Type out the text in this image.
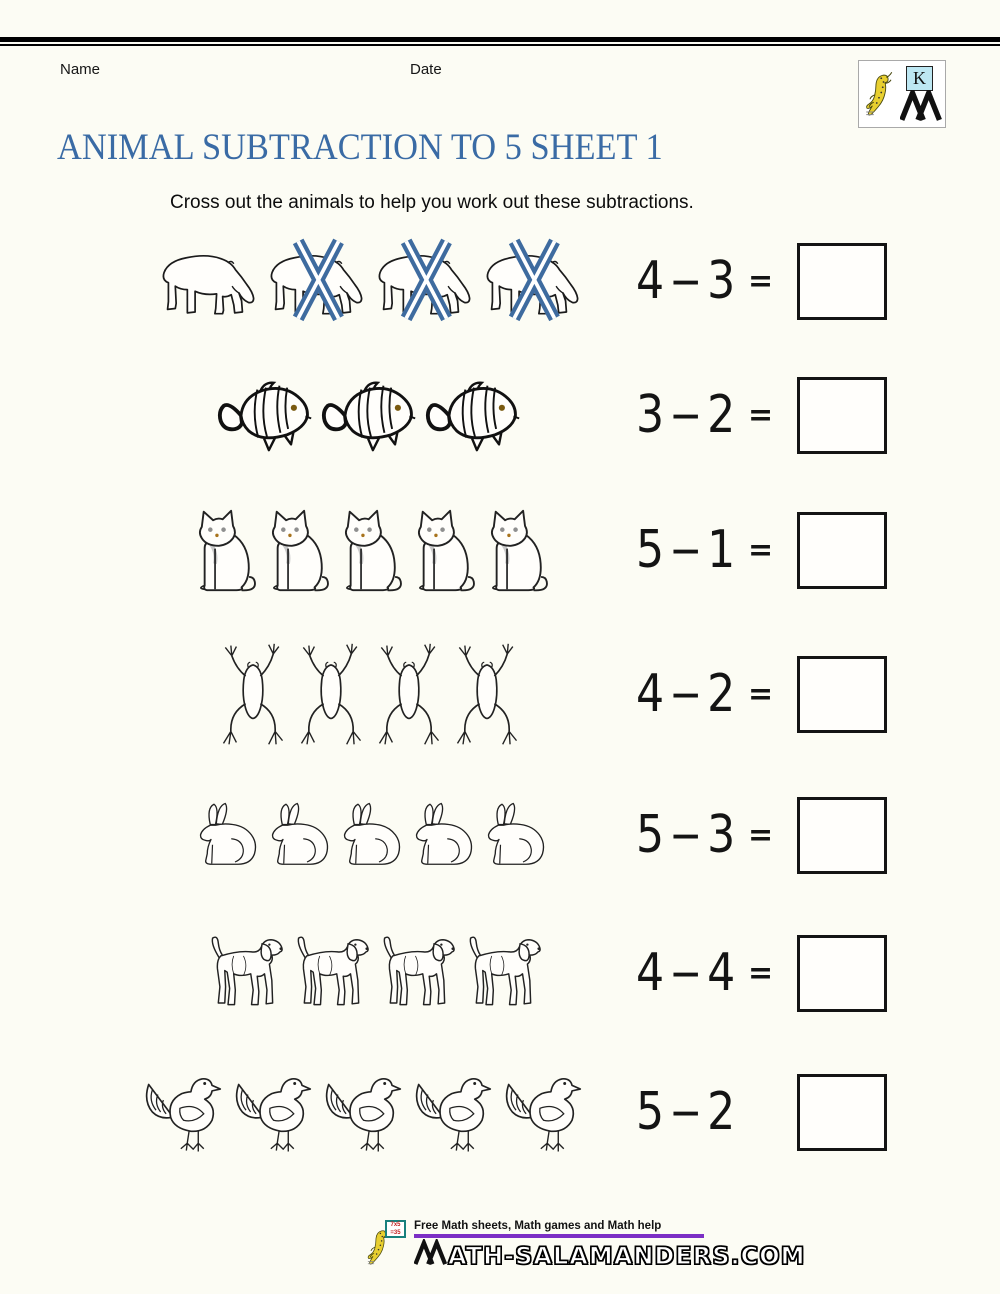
Name	Date	K
ANIMAL SUBTRACTION TO 5 SHEET 1
Cross out the animals to help you work out these subtractions.
4 − 3 =
3 − 2 =
5 − 1 =
4 − 2 =
5 − 3 =
4 − 4 =
5 − 2
7x5
=35
Free Math sheets, Math games and Math help
ATH-SALAMANDERS.COM
